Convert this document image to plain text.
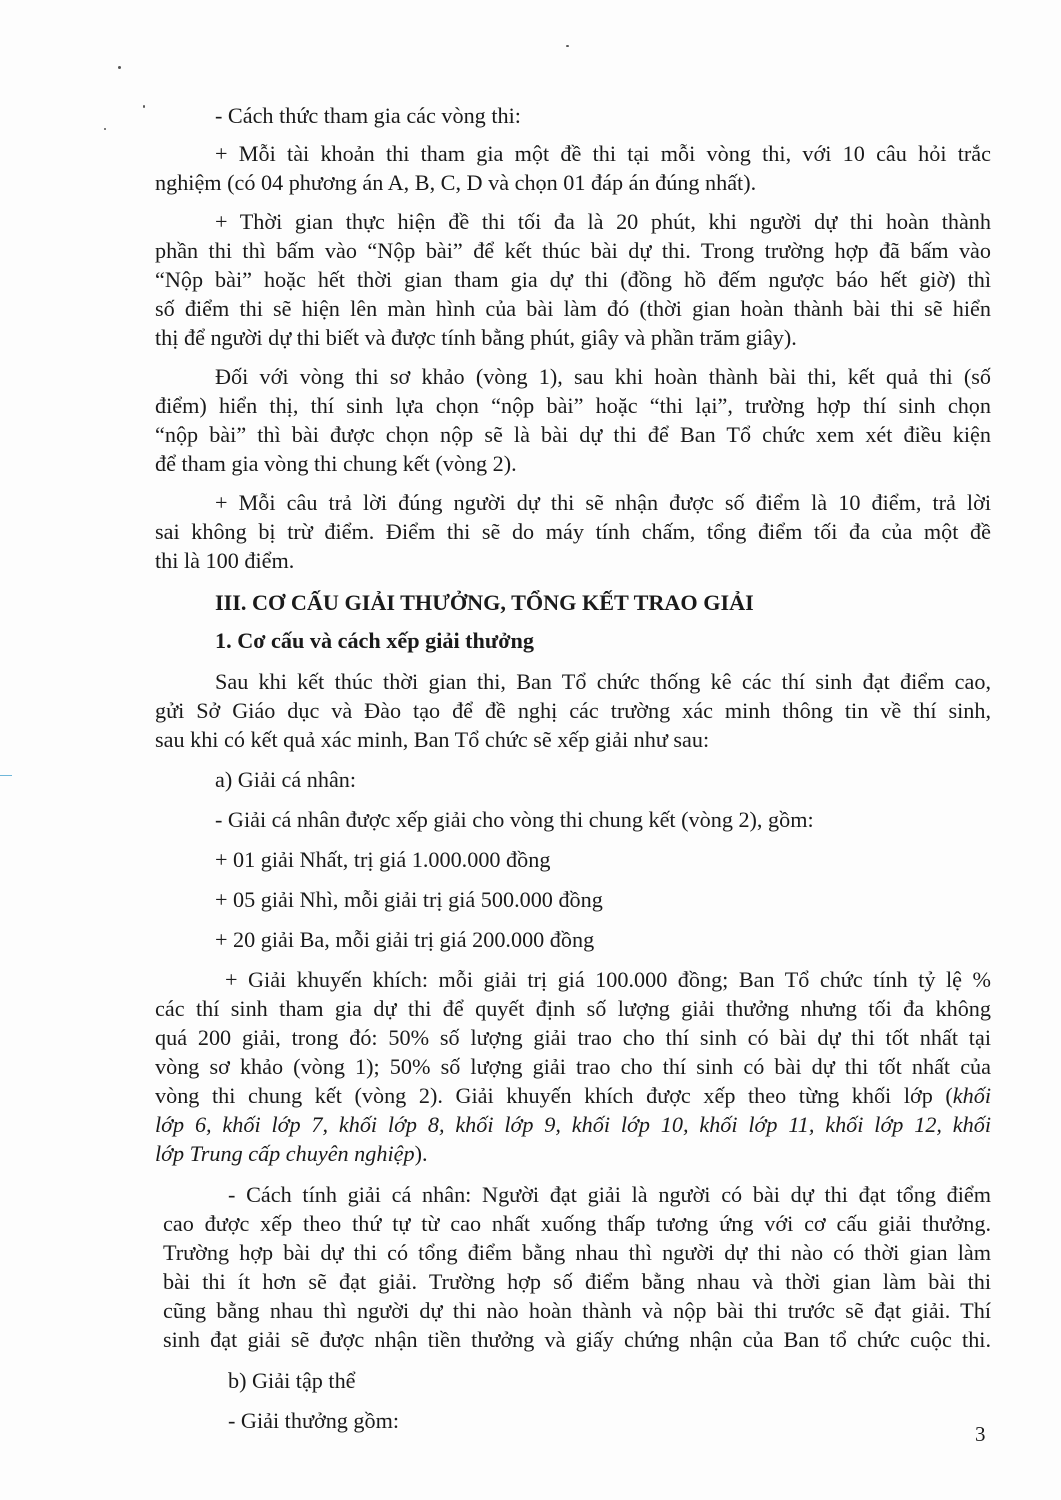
- Cách thức tham gia các vòng thi:

+ Mỗi tài khoản thi tham gia một đề thi tại mỗi vòng thi, với 10 câu hỏi trắc

nghiệm (có 04 phương án A, B, C, D và chọn 01 đáp án đúng nhất).

+ Thời gian thực hiện đề thi tối đa là 20 phút, khi người dự thi hoàn thành

phần thi thì bấm vào “Nộp bài” để kết thúc bài dự thi. Trong trường hợp đã bấm vào

“Nộp bài” hoặc hết thời gian tham gia dự thi (đồng hồ đếm ngược báo hết giờ) thì

số điểm thi sẽ hiện lên màn hình của bài làm đó (thời gian hoàn thành bài thi sẽ hiển

thị để người dự thi biết và được tính bằng phút, giây và phần trăm giây).

Đối với vòng thi sơ khảo (vòng 1), sau khi hoàn thành bài thi, kết quả thi (số

điểm) hiển thị, thí sinh lựa chọn “nộp bài” hoặc “thi lại”, trường hợp thí sinh chọn

“nộp bài” thì bài được chọn nộp sẽ là bài dự thi để Ban Tổ chức xem xét điều kiện

để tham gia vòng thi chung kết (vòng 2).

+ Mỗi câu trả lời đúng người dự thi sẽ nhận được số điểm là 10 điểm, trả lời

sai không bị trừ điểm. Điểm thi sẽ do máy tính chấm, tổng điểm tối đa của một đề

thi là 100 điểm.

III. CƠ CẤU GIẢI THƯỞNG, TỔNG KẾT TRAO GIẢI

1. Cơ cấu và cách xếp giải thưởng

Sau khi kết thúc thời gian thi, Ban Tổ chức thống kê các thí sinh đạt điểm cao,

gửi Sở Giáo dục và Đào tạo để đề nghị các trường xác minh thông tin về thí sinh,

sau khi có kết quả xác minh, Ban Tổ chức sẽ xếp giải như sau:

a) Giải cá nhân:

- Giải cá nhân được xếp giải cho vòng thi chung kết (vòng 2), gồm:

+ 01 giải Nhất, trị giá 1.000.000 đồng

+ 05 giải Nhì, mỗi giải trị giá 500.000 đồng

+ 20 giải Ba, mỗi giải trị giá 200.000 đồng

+ Giải khuyến khích: mỗi giải trị giá 100.000 đồng; Ban Tổ chức tính tỷ lệ %

các thí sinh tham gia dự thi để quyết định số lượng giải thưởng nhưng tối đa không

quá 200 giải, trong đó: 50% số lượng giải trao cho thí sinh có bài dự thi tốt nhất tại

vòng sơ khảo (vòng 1); 50% số lượng giải trao cho thí sinh có bài dự thi tốt nhất của

vòng thi chung kết (vòng 2). Giải khuyến khích được xếp theo từng khối lớp (khối

lớp 6, khối lớp 7, khối lớp 8, khối lớp 9, khối lớp 10, khối lớp 11, khối lớp 12, khối

lớp Trung cấp chuyên nghiệp).

- Cách tính giải cá nhân: Người đạt giải là người có bài dự thi đạt tổng điểm

cao được xếp theo thứ tự từ cao nhất xuống thấp tương ứng với cơ cấu giải thưởng.

Trường hợp bài dự thi có tổng điểm bằng nhau thì người dự thi nào có thời gian làm

bài thi ít hơn sẽ đạt giải. Trường hợp số điểm bằng nhau và thời gian làm bài thi

cũng bằng nhau thì người dự thi nào hoàn thành và nộp bài thi trước sẽ đạt giải. Thí

sinh đạt giải sẽ được nhận tiền thưởng và giấy chứng nhận của Ban tổ chức cuộc thi.

b) Giải tập thể

- Giải thưởng gồm:

3
